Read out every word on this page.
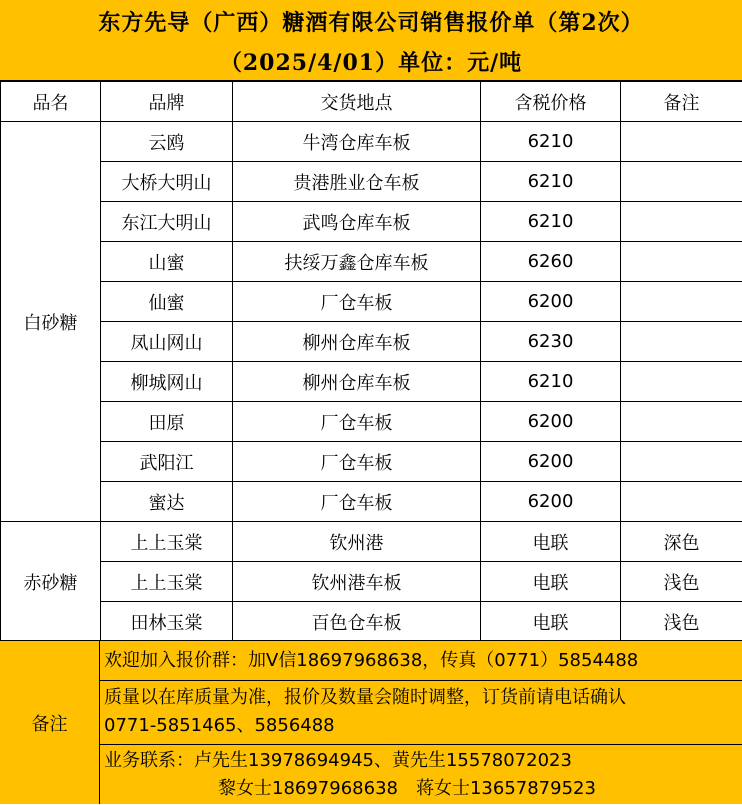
东方先导（广西）糖酒有限公司销售报价单（第2次）
（2025/4/01）单位：元/吨
品名	品牌	交货地点	含税价格	备注
白砂糖	云鸥	牛湾仓库车板	6210	
	大桥大明山	贵港胜业仓车板	6210	
	东江大明山	武鸣仓库车板	6210	
	山蜜	扶绥万鑫仓库车板	6260	
	仙蜜	厂仓车板	6200	
	凤山网山	柳州仓库车板	6230	
	柳城网山	柳州仓库车板	6210	
	田原	厂仓车板	6200	
	武阳江	厂仓车板	6200	
	蜜达	厂仓车板	6200	
赤砂糖	上上玉棠	钦州港	电联	深色
	上上玉棠	钦州港车板	电联	浅色
	田林玉棠	百色仓车板	电联	浅色
备注
欢迎加入报价群：加V信18697968638，传真（0771）5854488
质量以在库质量为准，报价及数量会随时调整，订货前请电话确认
0771-5851465、5856488
业务联系：卢先生13978694945、黄先生15578072023
黎女士18697968638　蒋女士13657879523
